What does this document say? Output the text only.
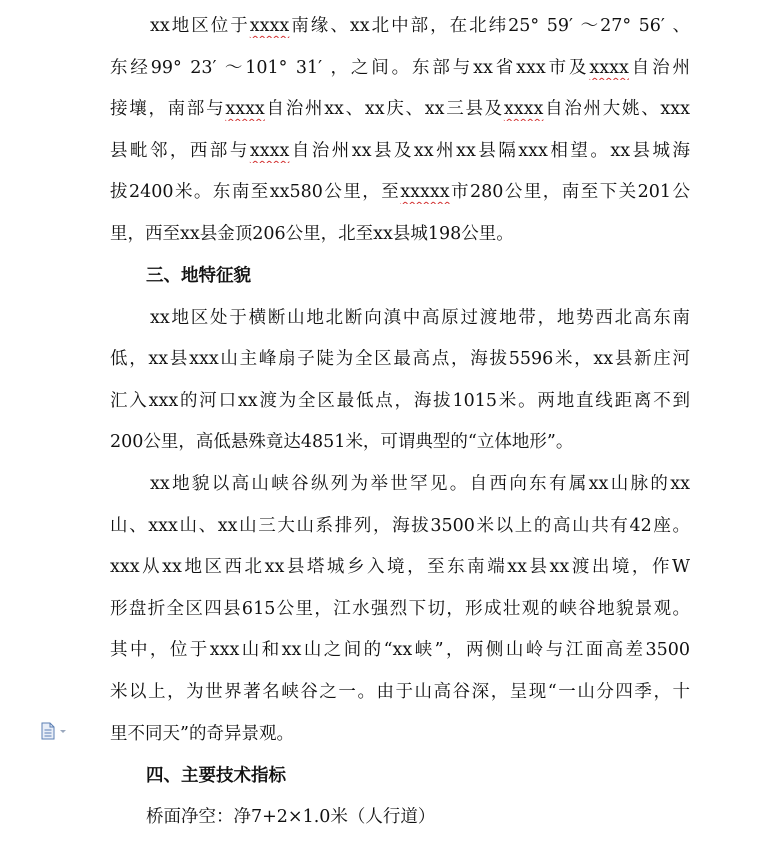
xx地区位于xxxx南缘、xx北中部，在北纬25° 59′ ～27° 56′ 、
东经99° 23′ ～101° 31′ ，之间。东部与xx省xxx市及xxxx自治州
接壤，南部与xxxx自治州xx、xx庆、xx三县及xxxx自治州大姚、xxx
县毗邻，西部与xxxx自治州xx县及xx州xx县隔xxx相望。xx县城海
拔2400米。东南至xx580公里，至xxxxx市280公里，南至下关201公
里，西至xx县金顶206公里，北至xx县城198公里。
三、地特征貌
xx地区处于横断山地北断向滇中高原过渡地带，地势西北高东南
低，xx县xxx山主峰扇子陡为全区最高点，海拔5596米，xx县新庄河
汇入xxx的河口xx渡为全区最低点，海拔1015米。两地直线距离不到
200公里，高低悬殊竟达4851米，可谓典型的“立体地形”。
xx地貌以高山峡谷纵列为举世罕见。自西向东有属xx山脉的xx
山、xxx山、xx山三大山系排列，海拔3500米以上的高山共有42座。
xxx从xx地区西北xx县塔城乡入境，至东南端xx县xx渡出境，作W
形盘折全区四县615公里，江水强烈下切，形成壮观的峡谷地貌景观。
其中，位于xxx山和xx山之间的“xx峡”，两侧山岭与江面高差3500
米以上，为世界著名峡谷之一。由于山高谷深，呈现“一山分四季，十
里不同天”的奇异景观。
四、主要技术指标
桥面净空：净7+2×1.0米（人行道）
